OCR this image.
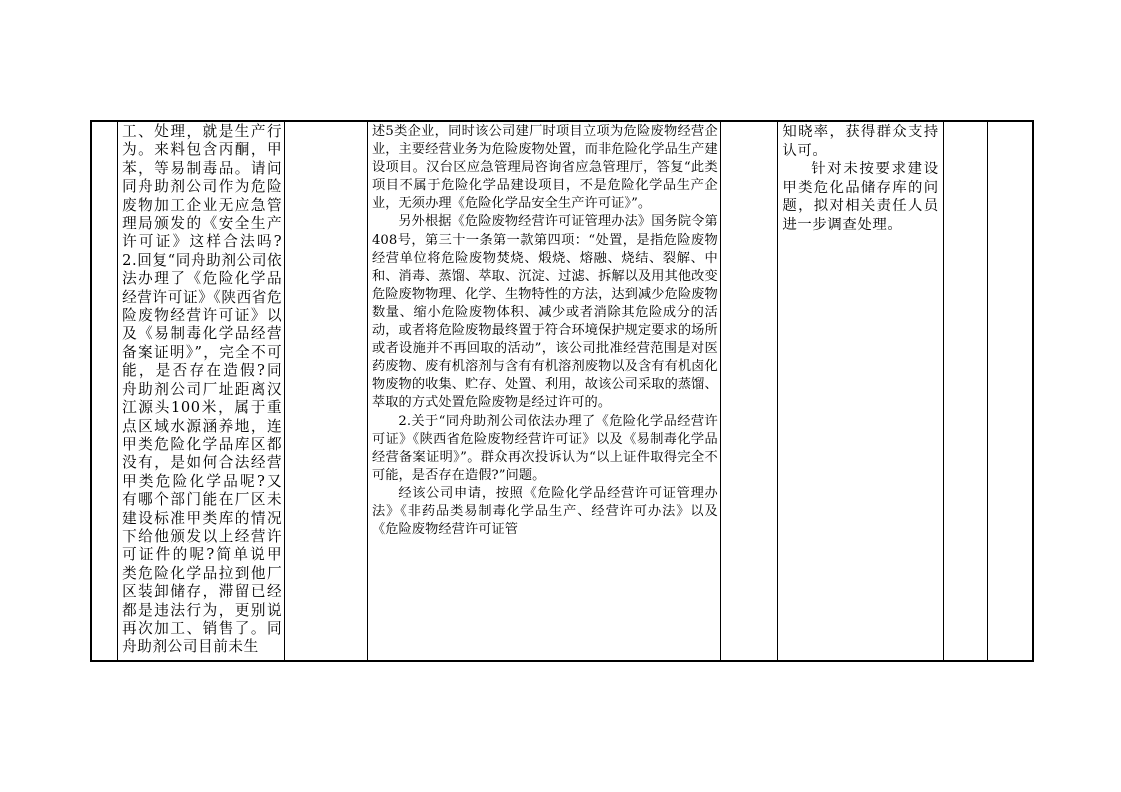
工、处理，就是生产行为。来料包含丙酮，甲苯，等易制毒品。请问同舟助剂公司作为危险废物加工企业无应急管理局颁发的《安全生产许可证》这样合法吗?2.回复“同舟助剂公司依法办理了《危险化学品经营许可证》《陕西省危险废物经营许可证》以及《易制毒化学品经营备案证明》”，完全不可能，是否存在造假?同舟助剂公司厂址距离汉江源头100米，属于重点区域水源涵养地，连甲类危险化学品库区都没有，是如何合法经营甲类危险化学品呢?又有哪个部门能在厂区未建设标准甲类库的情况下给他颁发以上经营许可证件的呢?简单说甲类危险化学品拉到他厂区装卸储存，滞留已经都是违法行为，更别说再次加工、销售了。同舟助剂公司目前未生

述5类企业，同时该公司建厂时项目立项为危险废物经营企业，主要经营业务为危险废物处置，而非危险化学品生产建设项目。汉台区应急管理局咨询省应急管理厅，答复“此类项目不属于危险化学品建设项目，不是危险化学品生产企业，无须办理《危险化学品安全生产许可证》”。

另外根据《危险废物经营许可证管理办法》国务院令第408号，第三十一条第一款第四项：“处置，是指危险废物经营单位将危险废物焚烧、煅烧、熔融、烧结、裂解、中和、消毒、蒸馏、萃取、沉淀、过滤、拆解以及用其他改变危险废物物理、化学、生物特性的方法，达到减少危险废物数量、缩小危险废物体积、减少或者消除其危险成分的活动，或者将危险废物最终置于符合环境保护规定要求的场所或者设施并不再回取的活动”，该公司批准经营范围是对医药废物、废有机溶剂与含有有机溶剂废物以及含有有机卤化物废物的收集、贮存、处置、利用，故该公司采取的蒸馏、萃取的方式处置危险废物是经过许可的。

2.关于“同舟助剂公司依法办理了《危险化学品经营许可证》《陕西省危险废物经营许可证》以及《易制毒化学品经营备案证明》”。群众再次投诉认为“以上证件取得完全不可能，是否存在造假?”问题。

经该公司申请，按照《危险化学品经营许可证管理办法》《非药品类易制毒化学品生产、经营许可办法》以及《危险废物经营许可证管

知晓率，获得群众支持认可。

针对未按要求建设甲类危化品储存库的问题，拟对相关责任人员进一步调查处理。
